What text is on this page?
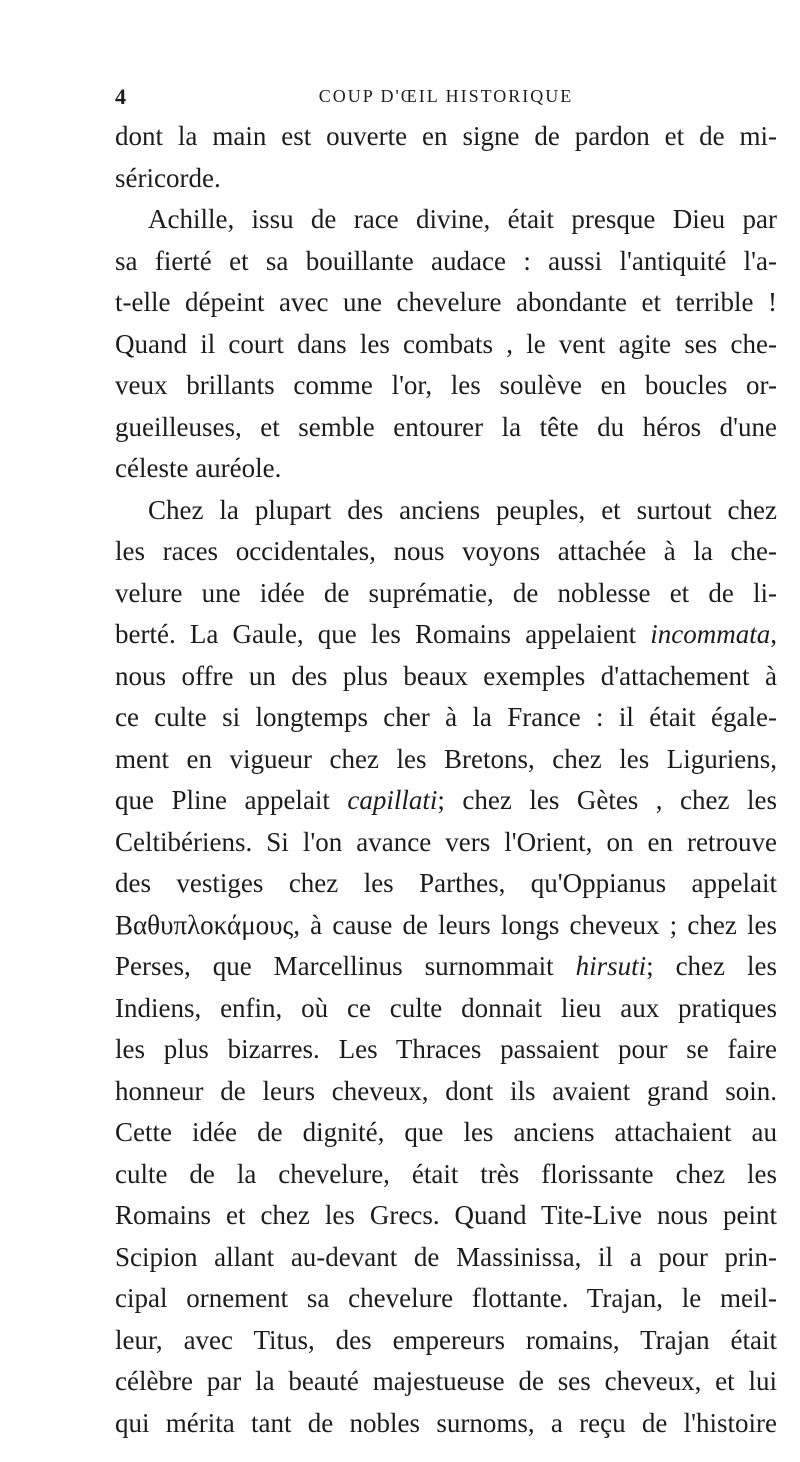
4	COUP D'ŒIL HISTORIQUE
dont la main est ouverte en signe de pardon et de mi-
séricorde.
Achille, issu de race divine, était presque Dieu par
sa fierté et sa bouillante audace : aussi l'antiquité l'a-
t-elle dépeint avec une chevelure abondante et terrible !
Quand il court dans les combats , le vent agite ses che-
veux brillants comme l'or, les soulève en boucles or-
gueilleuses, et semble entourer la tête du héros d'une
céleste auréole.
Chez la plupart des anciens peuples, et surtout chez
les races occidentales, nous voyons attachée à la che-
velure une idée de suprématie, de noblesse et de li-
berté. La Gaule, que les Romains appelaient incommata,
nous offre un des plus beaux exemples d'attachement à
ce culte si longtemps cher à la France : il était égale-
ment en vigueur chez les Bretons, chez les Liguriens,
que Pline appelait capillati; chez les Gètes , chez les
Celtibériens. Si l'on avance vers l'Orient, on en retrouve
des vestiges chez les Parthes, qu'Oppianus appelait
Βαθυπλοκάμους, à cause de leurs longs cheveux ; chez les
Perses, que Marcellinus surnommait hirsuti; chez les
Indiens, enfin, où ce culte donnait lieu aux pratiques
les plus bizarres. Les Thraces passaient pour se faire
honneur de leurs cheveux, dont ils avaient grand soin.
Cette idée de dignité, que les anciens attachaient au
culte de la chevelure, était très florissante chez les
Romains et chez les Grecs. Quand Tite-Live nous peint
Scipion allant au-devant de Massinissa, il a pour prin-
cipal ornement sa chevelure flottante. Trajan, le meil-
leur, avec Titus, des empereurs romains, Trajan était
célèbre par la beauté majestueuse de ses cheveux, et lui
qui mérita tant de nobles surnoms, a reçu de l'histoire
